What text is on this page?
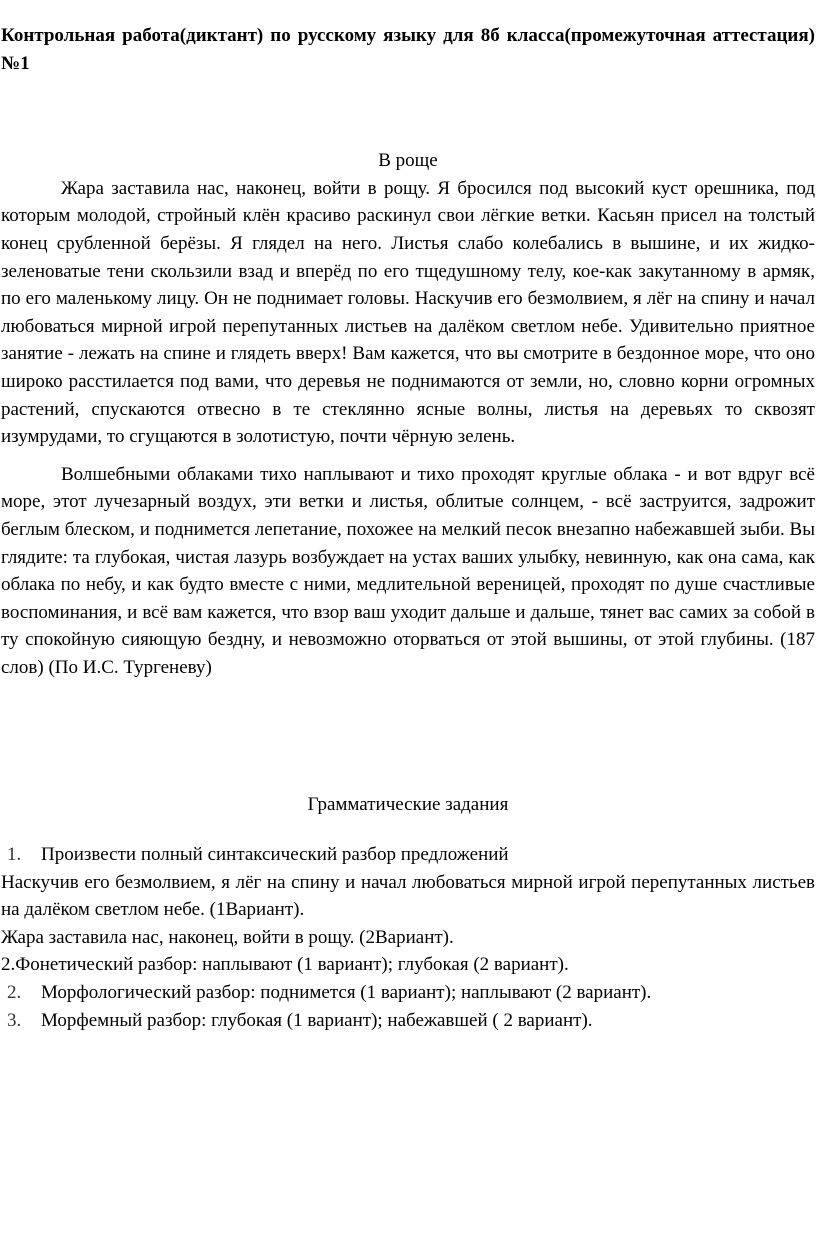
Контрольная работа(диктант) по русскому языку для 8б класса(промежуточная аттестация) №1

В роще

Жара заставила нас, наконец, войти в рощу. Я бросился под высокий куст орешника, под которым молодой, стройный клён красиво раскинул свои лёгкие ветки. Касьян присел на толстый конец срубленной берёзы. Я глядел на него. Листья слабо колебались в вышине, и их жидко-зеленоватые тени скользили взад и вперёд по его тщедушному телу, кое-как закутанному в армяк, по его маленькому лицу. Он не поднимает головы. Наскучив его безмолвием, я лёг на спину и начал любоваться мирной игрой перепутанных листьев на далёком светлом небе. Удивительно приятное занятие - лежать на спине и глядеть вверх! Вам кажется, что вы смотрите в бездонное море, что оно широко расстилается под вами, что деревья не поднимаются от земли, но, словно корни огромных растений, спускаются отвесно в те стеклянно ясные волны, листья на деревьях то сквозят изумрудами, то сгущаются в золотистую, почти чёрную зелень.

Волшебными облаками тихо наплывают и тихо проходят круглые облака - и вот вдруг всё море, этот лучезарный воздух, эти ветки и листья, облитые солнцем, - всё заструится, задрожит беглым блеском, и поднимется лепетание, похожее на мелкий песок внезапно набежавшей зыби. Вы глядите: та глубокая, чистая лазурь возбуждает на устах ваших улыбку, невинную, как она сама, как облака по небу, и как будто вместе с ними, медлительной вереницей, проходят по душе счастливые воспоминания, и всё вам кажется, что взор ваш уходит дальше и дальше, тянет вас самих за собой в ту спокойную сияющую бездну, и невозможно оторваться от этой вышины, от этой глубины. (187 слов) (По И.С. Тургеневу)

Грамматические задания

1.	Произвести полный синтаксический разбор предложений

Наскучив его безмолвием, я лёг на спину и начал любоваться мирной игрой перепутанных листьев на далёком светлом небе. (1Вариант).

Жара заставила нас, наконец, войти в рощу. (2Вариант).

2.Фонетический разбор: наплывают (1 вариант); глубокая (2 вариант).

2.	Морфологический разбор: поднимется (1 вариант); наплывают (2 вариант).
3.	Морфемный разбор: глубокая (1 вариант); набежавшей ( 2 вариант).
